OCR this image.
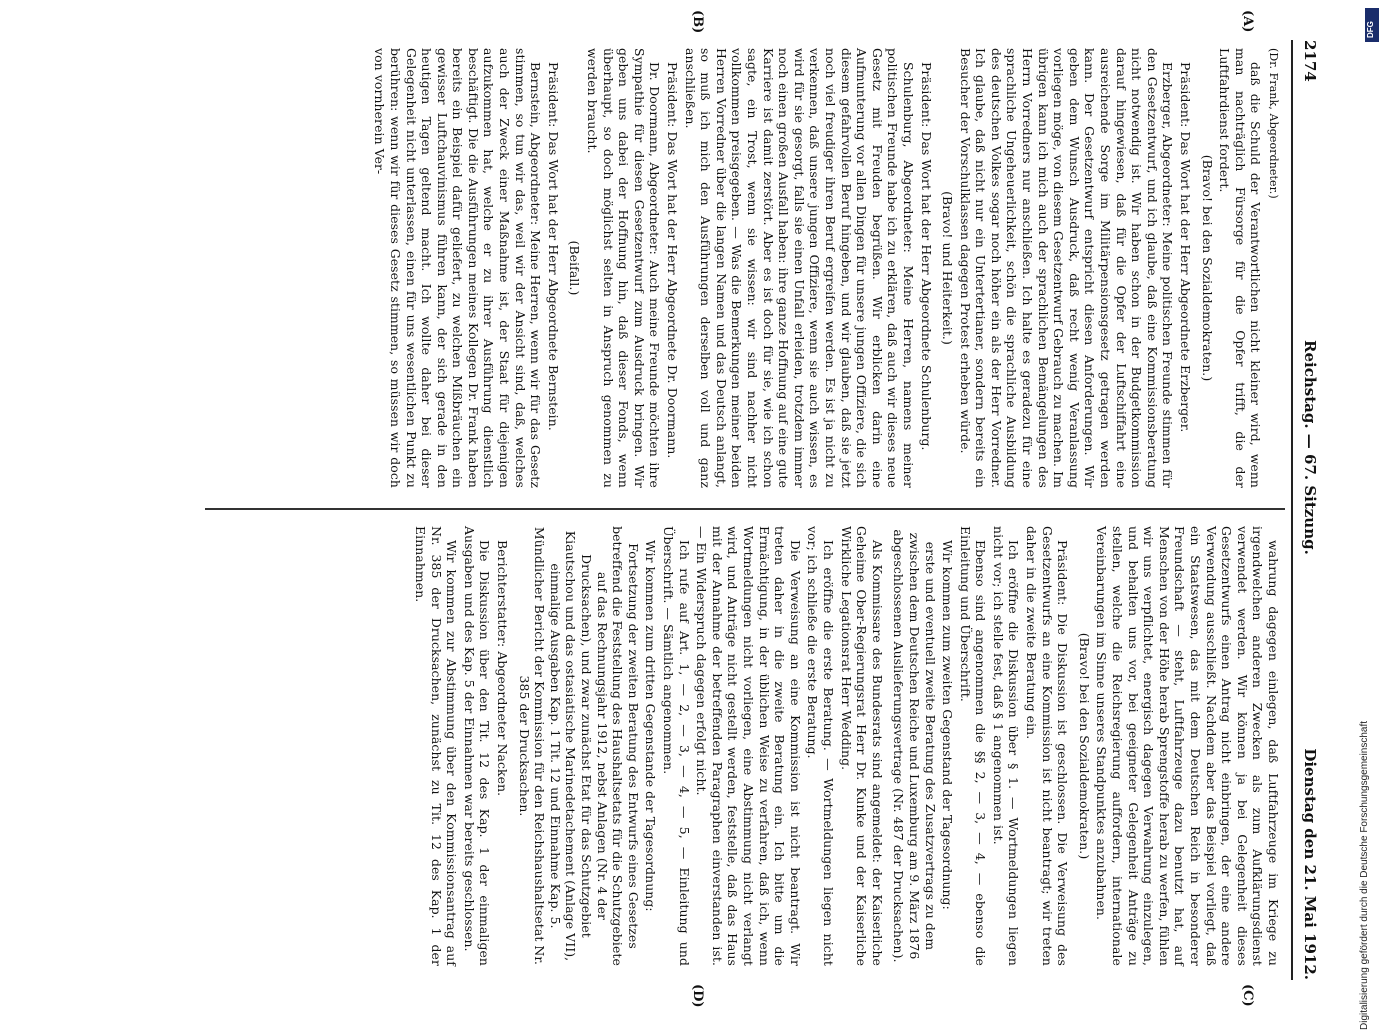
2174
Reichstag. — 67. Sitzung.
Dienstag den 21. Mai 1912.
(A)
(B)
(C)
(D)

(Dr. Frank, Abgeordneter.)

daß die Schuld der Verantwortlichen nicht kleiner wird, wenn man nachträglich Fürsorge für die Opfer trifft, die der Luftfahrdienst fordert.

(Bravo! bei den Sozialdemokraten.)

Präsident: Das Wort hat der Herr Abgeordnete Erzberger.

Erzberger, Abgeordneter: Meine politischen Freunde stimmen für den Gesetzentwurf, und ich glaube, daß eine Kommissionsberatung nicht notwendig ist. Wir haben schon in der Budgetkommission darauf hingewiesen, daß für die Opfer der Luftschiffahrt eine ausreichende Sorge im Militärpensionsgesetz getragen werden kann. Der Gesetzentwurf entspricht diesen Anforderungen. Wir geben dem Wunsch Ausdruck, daß recht wenig Veranlassung vorliegen möge, von diesem Gesetzentwurf Gebrauch zu machen. Im übrigen kann ich mich auch der sprachlichen Bemängelungen des Herrn Vorredners nur anschließen. Ich halte es geradezu für eine sprachliche Ungeheuerlichkeit, schön die sprachliche Ausbildung des deutschen Volkes sogar noch höher ein als der Herr Vorredner. Ich glaube, daß nicht nur ein Untertertianer, sondern bereits ein Besucher der Vorschulklassen dagegen Protest erheben würde.

(Bravo! und Heiterkeit.)

Präsident: Das Wort hat der Herr Abgeordnete Schulenburg.

Schulenburg, Abgeordneter: Meine Herren, namens meiner politischen Freunde habe ich zu erklären, daß auch wir dieses neue Gesetz mit Freuden begrüßen. Wir erblicken darin eine Aufmunterung vor allen Dingen für unsere jungen Offiziere, die sich diesem gefahrvollen Beruf hingeben, und wir glauben, daß sie jetzt noch viel freudiger ihren Beruf ergreifen werden. Es ist ja nicht zu verkennen, daß unsere jungen Offiziere, wenn sie auch wissen, es wird für sie gesorgt, falls sie einen Unfall erleiden, trotzdem immer noch einen großen Ausfall haben: ihre ganze Hoffnung auf eine gute Karriere ist damit zerstört. Aber es ist doch für sie, wie ich schon sagte, ein Trost, wenn sie wissen: wir sind nachher nicht vollkommen preisgegeben. — Was die Bemerkungen meiner beiden Herren Vorredner über die langen Namen und das Deutsch anlangt, so muß ich mich den Ausführungen derselben voll und ganz anschließen.

Präsident: Das Wort hat der Herr Abgeordnete Dr. Doormann.

Dr. Doormann, Abgeordneter: Auch meine Freunde möchten ihre Sympathie für diesen Gesetzentwurf zum Ausdruck bringen. Wir geben uns dabei der Hoffnung hin, daß dieser Fonds, wenn überhaupt, so doch möglichst selten in Anspruch genommen zu werden braucht.

(Beifall.)

Präsident: Das Wort hat der Herr Abgeordnete Bernstein.

Bernstein, Abgeordneter: Meine Herren, wenn wir für das Gesetz stimmen, so tun wir das, weil wir der Ansicht sind, daß, welches auch der Zweck einer Maßnahme ist, der Staat für diejenigen aufzukommen hat, welche er zu ihrer Ausführung dienstlich beschäftigt. Die die Ausführungen meines Kollegen Dr. Frank haben bereits ein Beispiel dafür geliefert, zu welchen Mißbräuchen ein gewisser Luftchauvinismus führen kann, der sich gerade in den heutigen Tagen geltend macht. Ich wollte daher bei dieser Gelegenheit nicht unterlassen, einen für uns wesentlichen Punkt zu berühren: wenn wir für dieses Gesetz stimmen, so müssen wir doch von vornherein Ver-

wahrung dagegen einlegen, daß Luftfahrzeuge im Kriege zu irgendwelchen anderen Zwecken als zum Aufklärungsdienst verwendet werden. Wir können ja bei Gelegenheit dieses Gesetzentwurfs einen Antrag nicht einbringen, der eine andere Verwendung ausschließt. Nachdem aber das Beispiel vorliegt, daß ein Staatswesen, das mit dem Deutschen Reich in besonderer Freundschaft — steht, Luftfahrzeuge dazu benutzt hat, auf Menschen von der Höhe herab Sprengstoffe herab zu werfen, fühlen wir uns verpflichtet, energisch dagegen Verwahrung einzulegen, und behalten uns vor, bei geeigneter Gelegenheit Anträge zu stellen, welche die Reichsregierung auffordern, internationale Vereinbarungen im Sinne unseres Standpunktes anzubahnen.

(Bravo! bei den Sozialdemokraten.)

Präsident: Die Diskussion ist geschlossen. Die Verweisung des Gesetzentwurfs an eine Kommission ist nicht beantragt; wir treten daher in die zweite Beratung ein.

Ich eröffne die Diskussion über § 1. — Wortmeldungen liegen nicht vor; ich stelle fest, daß § 1 angenommen ist.

Ebenso sind angenommen die §§ 2, — 3, — 4, — ebenso die Einleitung und Überschrift.

Wir kommen zum zweiten Gegenstand der Tagesordnung:

erste und eventuell zweite Beratung des Zusatzvertrags zu dem zwischen dem Deutschen Reiche und Luxemburg am 9. März 1876 abgeschlossenen Auslieferungsvertrage (Nr. 487 der Drucksachen).

Als Kommissare des Bundesrats sind angemeldet: der Kaiserliche Geheime Ober-Regierungsrat Herr Dr. Kunke und der Kaiserliche Wirkliche Legationsrat Herr Wedding.

Ich eröffne die erste Beratung. — Wortmeldungen liegen nicht vor; ich schließe die erste Beratung.

Die Verweisung an eine Kommission ist nicht beantragt. Wir treten daher in die zweite Beratung ein. Ich bitte um die Ermächtigung, in der üblichen Weise zu verfahren, daß ich, wenn Wortmeldungen nicht vorliegen, eine Abstimmung nicht verlangt wird, und Anträge nicht gestellt werden, feststelle, daß das Haus mit der Annahme der betreffenden Paragraphen einverstanden ist. — Ein Widerspruch dagegen erfolgt nicht.

Ich rufe auf Art. 1, — 2, — 3, — 4, — 5, — Einleitung und Überschrift. — Sämtlich angenommen.

Wir kommen zum dritten Gegenstande der Tagesordnung:

Fortsetzung der zweiten Beratung des Entwurfs eines Gesetzes betreffend die Feststellung des Haushaltsetats für die Schutzgebiete auf das Rechnungsjahr 1912, nebst Anlagen (Nr. 4 der Drucksachen), und zwar zunächst Etat für das Schutzgebiet Kiautschou und das ostasiatische Marinedetachement (Anlage VII), einmalige Ausgaben Kap. 1 Tit. 12 und Einnahme Kap. 5. Mündlicher Bericht der Kommission für den Reichshaushaltsetat Nr. 385 der Drucksachen.

Berichterstatter: Abgeordneter Nacken.

Die Diskussion über den Tit. 12 des Kap. 1 der einmaligen Ausgaben und des Kap. 5 der Einnahmen war bereits geschlossen.

Wir kommen zur Abstimmung über den Kommissionsantrag auf Nr. 385 der Drucksachen, zunächst zu Tit. 12 des Kap. 1 der Einnahmen.

DFG
Digitalisierung gefördert durch die Deutsche Forschungsgemeinschaft
